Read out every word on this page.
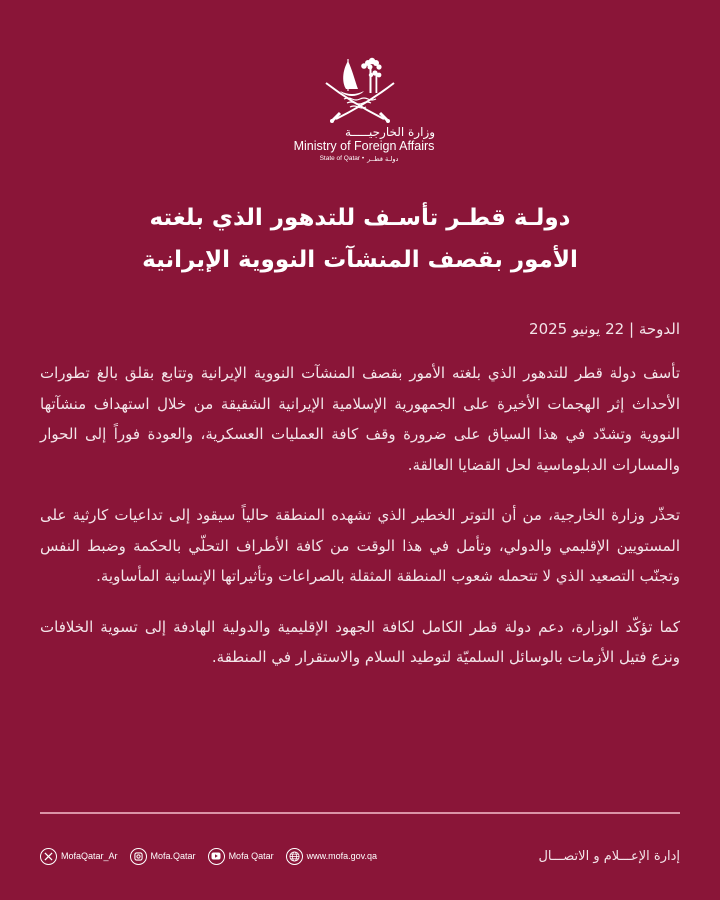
وزارة الخارجيـــــة
Ministry of Foreign Affairs
State of Qatar • دولـة قطــر
دولـة قطـر تأسـف للتدهور الذي بلغته
الأمور بقصف المنشآت النووية الإيرانية
الدوحة | 22 يونيو 2025

تأسف دولة قطر للتدهور الذي بلغته الأمور بقصف المنشآت النووية الإيرانية وتتابع بقلق بالغ تطورات الأحداث إثر الهجمات الأخيرة على الجمهورية الإسلامية الإيرانية الشقيقة من خلال استهداف منشآتها النووية وتشدّد في هذا السياق على ضرورة وقف كافة العمليات العسكرية، والعودة فوراً إلى الحوار والمسارات الدبلوماسية لحل القضايا العالقة.

تحذّر وزارة الخارجية، من أن التوتر الخطير الذي تشهده المنطقة حالياً سيقود إلى تداعيات كارثية على المستويين الإقليمي والدولي، وتأمل في هذا الوقت من كافة الأطراف التحلّي بالحكمة وضبط النفس وتجنّب التصعيد الذي لا تتحمله شعوب المنطقة المثقلة بالصراعات وتأثيراتها الإنسانية المأساوية.

كما تؤكّد الوزارة، دعم دولة قطر الكامل لكافة الجهود الإقليمية والدولية الهادفة إلى تسوية الخلافات ونزع فتيل الأزمات بالوسائل السلميّة لتوطيد السلام والاستقرار في المنطقة.

MofaQatar_Ar	Mofa.Qatar	Mofa Qatar	www.mofa.gov.qa	إدارة الإعـــلام و الاتصـــال
